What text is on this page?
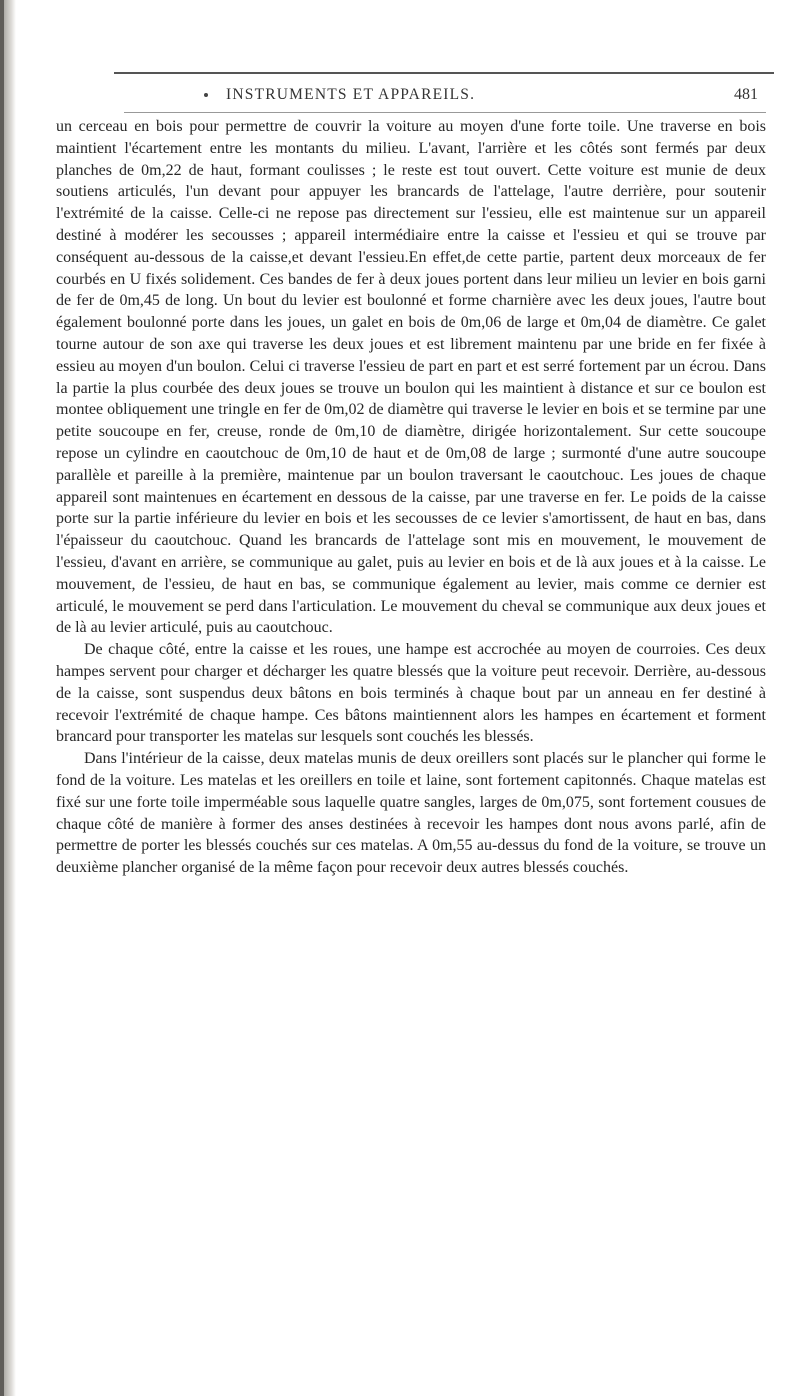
INSTRUMENTS ET APPAREILS.	481

un cerceau en bois pour permettre de couvrir la voiture au moyen d'une forte toile. Une traverse en bois maintient l'écartement entre les montants du milieu. L'avant, l'arrière et les côtés sont fermés par deux planches de 0m,22 de haut, formant coulisses ; le reste est tout ouvert. Cette voiture est munie de deux soutiens articulés, l'un devant pour appuyer les brancards de l'attelage, l'autre derrière, pour soutenir l'extrémité de la caisse. Celle-ci ne repose pas directement sur l'essieu, elle est maintenue sur un appareil destiné à modérer les secousses ; appareil intermédiaire entre la caisse et l'essieu et qui se trouve par conséquent au-dessous de la caisse,et devant l'essieu.En effet,de cette partie, partent deux morceaux de fer courbés en U fixés solidement. Ces bandes de fer à deux joues portent dans leur milieu un levier en bois garni de fer de 0m,45 de long. Un bout du levier est boulonné et forme charnière avec les deux joues, l'autre bout également boulonné porte dans les joues, un galet en bois de 0m,06 de large et 0m,04 de diamètre. Ce galet tourne autour de son axe qui traverse les deux joues et est librement maintenu par une bride en fer fixée à essieu au moyen d'un boulon. Celui ci traverse l'essieu de part en part et est serré fortement par un écrou. Dans la partie la plus courbée des deux joues se trouve un boulon qui les maintient à distance et sur ce boulon est montee obliquement une tringle en fer de 0m,02 de diamètre qui traverse le levier en bois et se termine par une petite soucoupe en fer, creuse, ronde de 0m,10 de diamètre, dirigée horizontalement. Sur cette soucoupe repose un cylindre en caoutchouc de 0m,10 de haut et de 0m,08 de large ; surmonté d'une autre soucoupe parallèle et pareille à la première, maintenue par un boulon traversant le caoutchouc. Les joues de chaque appareil sont maintenues en écartement en dessous de la caisse, par une traverse en fer. Le poids de la caisse porte sur la partie inférieure du levier en bois et les secousses de ce levier s'amortissent, de haut en bas, dans l'épaisseur du caoutchouc. Quand les brancards de l'attelage sont mis en mouvement, le mouvement de l'essieu, d'avant en arrière, se communique au galet, puis au levier en bois et de là aux joues et à la caisse. Le mouvement, de l'essieu, de haut en bas, se communique également au levier, mais comme ce dernier est articulé, le mouvement se perd dans l'articulation. Le mouvement du cheval se communique aux deux joues et de là au levier articulé, puis au caoutchouc.

De chaque côté, entre la caisse et les roues, une hampe est accrochée au moyen de courroies. Ces deux hampes servent pour charger et décharger les quatre blessés que la voiture peut recevoir. Derrière, au-dessous de la caisse, sont suspendus deux bâtons en bois terminés à chaque bout par un anneau en fer destiné à recevoir l'extrémité de chaque hampe. Ces bâtons maintiennent alors les hampes en écartement et forment brancard pour transporter les matelas sur lesquels sont couchés les blessés.

Dans l'intérieur de la caisse, deux matelas munis de deux oreillers sont placés sur le plancher qui forme le fond de la voiture. Les matelas et les oreillers en toile et laine, sont fortement capitonnés. Chaque matelas est fixé sur une forte toile imperméable sous laquelle quatre sangles, larges de 0m,075, sont fortement cousues de chaque côté de manière à former des anses destinées à recevoir les hampes dont nous avons parlé, afin de permettre de porter les blessés couchés sur ces matelas. A 0m,55 au-dessus du fond de la voiture, se trouve un deuxième plancher organisé de la même façon pour recevoir deux autres blessés couchés.
